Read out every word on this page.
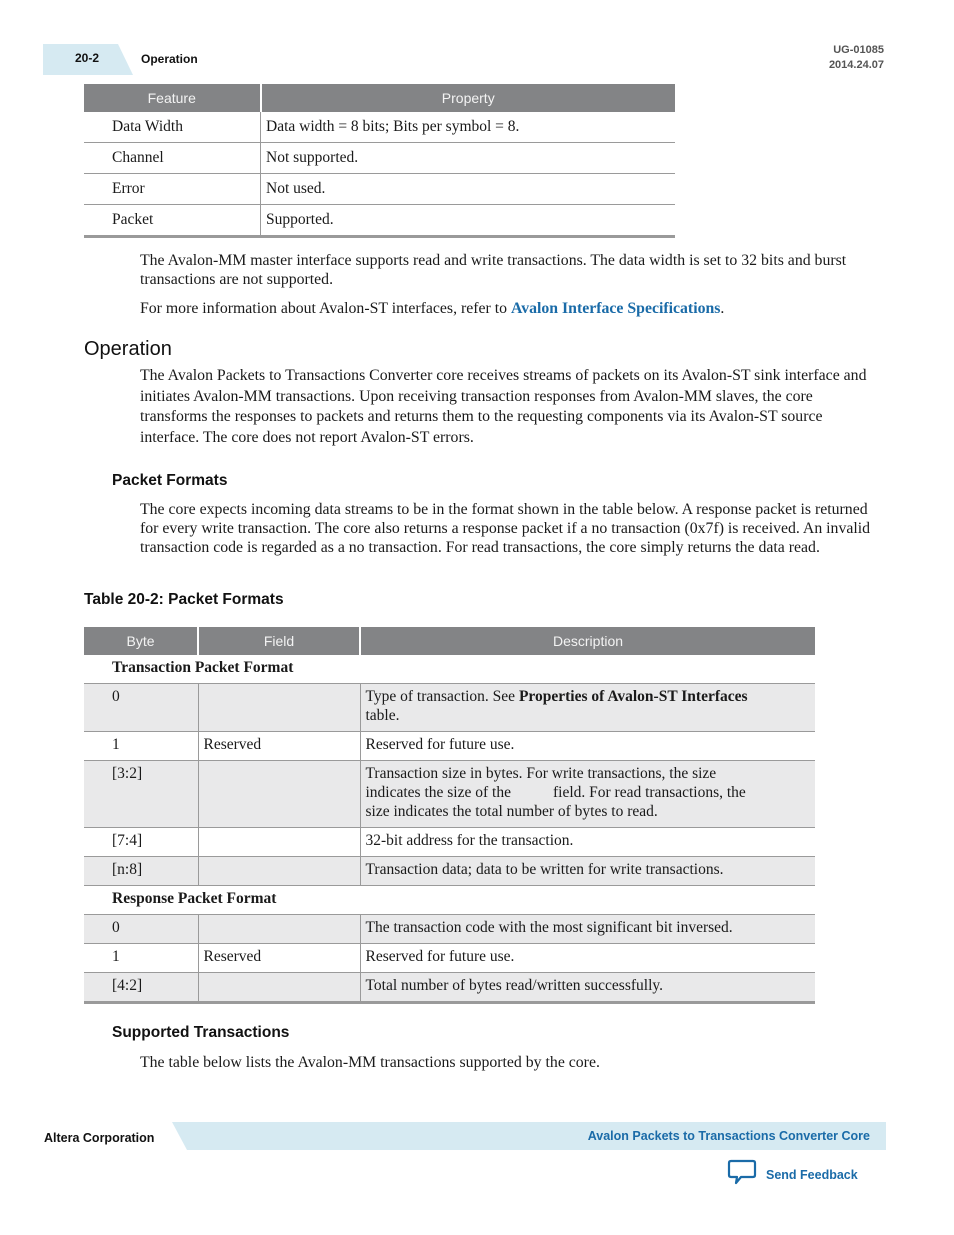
20-2	Operation
UG-01085
2014.24.07
Feature	Property
Data Width	Data width = 8 bits; Bits per symbol = 8.
Channel	Not supported.
Error	Not used.
Packet	Supported.
The Avalon-MM master interface supports read and write transactions. The data width is set to 32 bits and burst transactions are not supported.
For more information about Avalon-ST interfaces, refer to Avalon Interface Specifications.
Operation
The Avalon Packets to Transactions Converter core receives streams of packets on its Avalon-ST sink interface and initiates Avalon-MM transactions. Upon receiving transaction responses from Avalon-MM slaves, the core transforms the responses to packets and returns them to the requesting components via its Avalon-ST source interface. The core does not report Avalon-ST errors.
Packet Formats
The core expects incoming data streams to be in the format shown in the table below. A response packet is returned for every write transaction. The core also returns a response packet if a no transaction (0x7f) is received. An invalid transaction code is regarded as a no transaction. For read transactions, the core simply returns the data read.
Table 20-2: Packet Formats
Byte	Field	Description
Transaction Packet Format		
0		Type of transaction. See Properties of Avalon-ST Interfaces
table.
1	Reserved	Reserved for future use.
[3:2]		Transaction size in bytes. For write transactions, the size
indicates the size of the field. For read transactions, the
size indicates the total number of bytes to read.
[7:4]		32-bit address for the transaction.
[n:8]		Transaction data; data to be written for write transactions.
Response Packet Format		
0		The transaction code with the most significant bit inversed.
1	Reserved	Reserved for future use.
[4:2]		Total number of bytes read/written successfully.
Supported Transactions
The table below lists the Avalon-MM transactions supported by the core.
Altera Corporation	Avalon Packets to Transactions Converter Core
Send Feedback
